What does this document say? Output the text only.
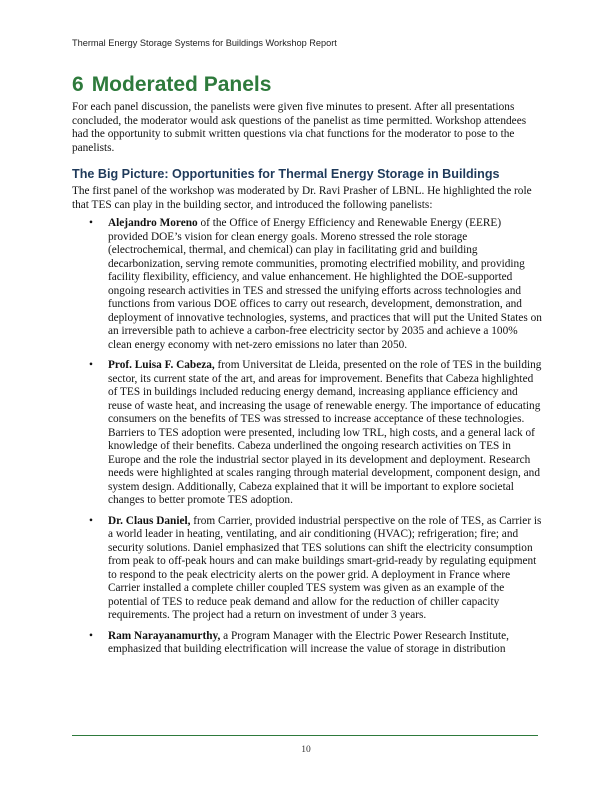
Thermal Energy Storage Systems for Buildings Workshop Report
6 Moderated Panels

For each panel discussion, the panelists were given five minutes to present. After all presentations concluded, the moderator would ask questions of the panelist as time permitted. Workshop attendees had the opportunity to submit written questions via chat functions for the moderator to pose to the panelists.

The Big Picture: Opportunities for Thermal Energy Storage in Buildings

The first panel of the workshop was moderated by Dr. Ravi Prasher of LBNL. He highlighted the role that TES can play in the building sector, and introduced the following panelists:

• Alejandro Moreno of the Office of Energy Efficiency and Renewable Energy (EERE) provided DOE’s vision for clean energy goals. Moreno stressed the role storage (electrochemical, thermal, and chemical) can play in facilitating grid and building decarbonization, serving remote communities, promoting electrified mobility, and providing facility flexibility, efficiency, and value enhancement. He highlighted the DOE-supported ongoing research activities in TES and stressed the unifying efforts across technologies and functions from various DOE offices to carry out research, development, demonstration, and deployment of innovative technologies, systems, and practices that will put the United States on an irreversible path to achieve a carbon-free electricity sector by 2035 and achieve a 100% clean energy economy with net-zero emissions no later than 2050.
• Prof. Luisa F. Cabeza, from Universitat de Lleida, presented on the role of TES in the building sector, its current state of the art, and areas for improvement. Benefits that Cabeza highlighted of TES in buildings included reducing energy demand, increasing appliance efficiency and reuse of waste heat, and increasing the usage of renewable energy. The importance of educating consumers on the benefits of TES was stressed to increase acceptance of these technologies. Barriers to TES adoption were presented, including low TRL, high costs, and a general lack of knowledge of their benefits. Cabeza underlined the ongoing research activities on TES in Europe and the role the industrial sector played in its development and deployment. Research needs were highlighted at scales ranging through material development, component design, and system design. Additionally, Cabeza explained that it will be important to explore societal changes to better promote TES adoption.
• Dr. Claus Daniel, from Carrier, provided industrial perspective on the role of TES, as Carrier is a world leader in heating, ventilating, and air conditioning (HVAC); refrigeration; fire; and security solutions. Daniel emphasized that TES solutions can shift the electricity consumption from peak to off-peak hours and can make buildings smart-grid-ready by regulating equipment to respond to the peak electricity alerts on the power grid. A deployment in France where Carrier installed a complete chiller coupled TES system was given as an example of the potential of TES to reduce peak demand and allow for the reduction of chiller capacity requirements. The project had a return on investment of under 3 years.
• Ram Narayanamurthy, a Program Manager with the Electric Power Research Institute, emphasized that building electrification will increase the value of storage in distribution
10
